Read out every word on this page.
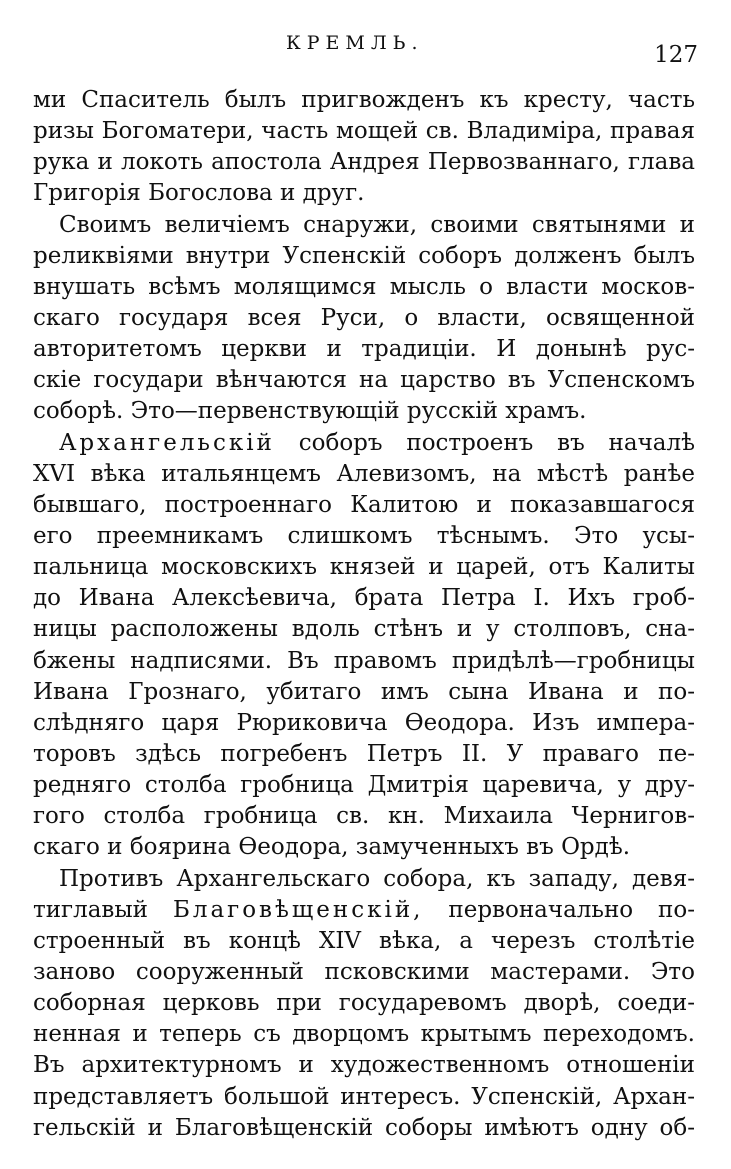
КРЕМЛЬ.	127
ми Спаситель былъ пригвожденъ къ кресту, часть
ризы Богоматери, часть мощей св. Владиміра, правая
рука и локоть апостола Андрея Первозваннаго, глава
Григорія Богослова и друг.
Своимъ величіемъ снаружи, своими святынями и
реликвіями внутри Успенскій соборъ долженъ былъ
внушать всѣмъ молящимся мысль о власти москов-
скаго государя всея Руси, о власти, освященной
авторитетомъ церкви и традиціи. И донынѣ рус-
скіе государи вѣнчаются на царство въ Успенскомъ
соборѣ. Это—первенствующій русскій храмъ.
Архангельскій соборъ построенъ въ началѣ
XVI вѣка итальянцемъ Алевизомъ, на мѣстѣ ранѣе
бывшаго, построеннаго Калитою и показавшагося
его преемникамъ слишкомъ тѣснымъ. Это усы-
пальница московскихъ князей и царей, отъ Калиты
до Ивана Алексѣевича, брата Петра I. Ихъ гроб-
ницы расположены вдоль стѣнъ и у столповъ, сна-
бжены надписями. Въ правомъ придѣлѣ—гробницы
Ивана Грознаго, убитаго имъ сына Ивана и по-
слѣдняго царя Рюриковича Ѳеодора. Изъ импера-
торовъ здѣсь погребенъ Петръ II. У праваго пе-
редняго столба гробница Дмитрія царевича, у дру-
гого столба гробница св. кн. Михаила Чернигов-
скаго и боярина Ѳеодора, замученныхъ въ Ордѣ.
Противъ Архангельскаго собора, къ западу, девя-
тиглавый Благовѣщенскій, первоначально по-
строенный въ концѣ XIV вѣка, а черезъ столѣтіе
заново сооруженный псковскими мастерами. Это
соборная церковь при государевомъ дворѣ, соеди-
ненная и теперь съ дворцомъ крытымъ переходомъ.
Въ архитектурномъ и художественномъ отношеніи
представляетъ большой интересъ. Успенскій, Архан-
гельскій и Благовѣщенскій соборы имѣютъ одну об-
